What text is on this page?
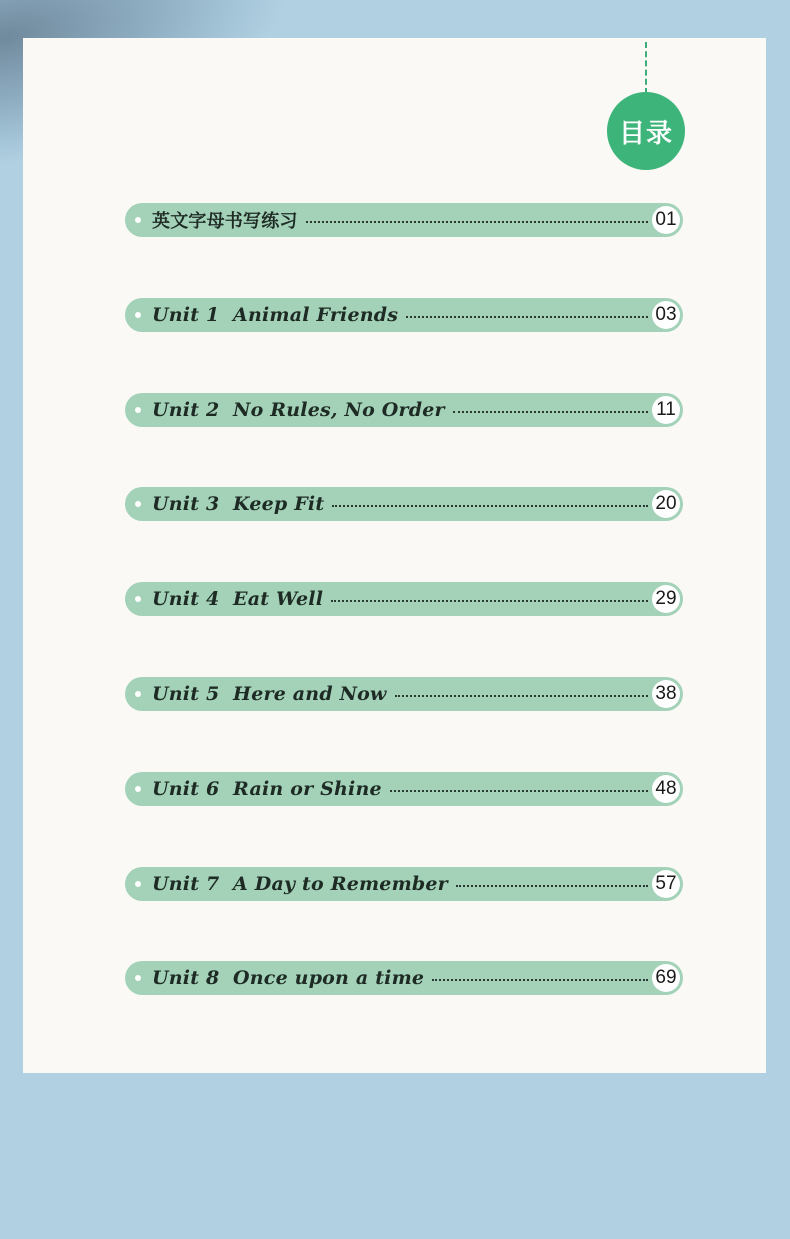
目录
英文字母书写练习	01
Unit 1  Animal Friends	03
Unit 2  No Rules, No Order	11
Unit 3  Keep Fit	20
Unit 4  Eat Well	29
Unit 5  Here and Now	38
Unit 6  Rain or Shine	48
Unit 7  A Day to Remember	57
Unit 8  Once upon a time	69
